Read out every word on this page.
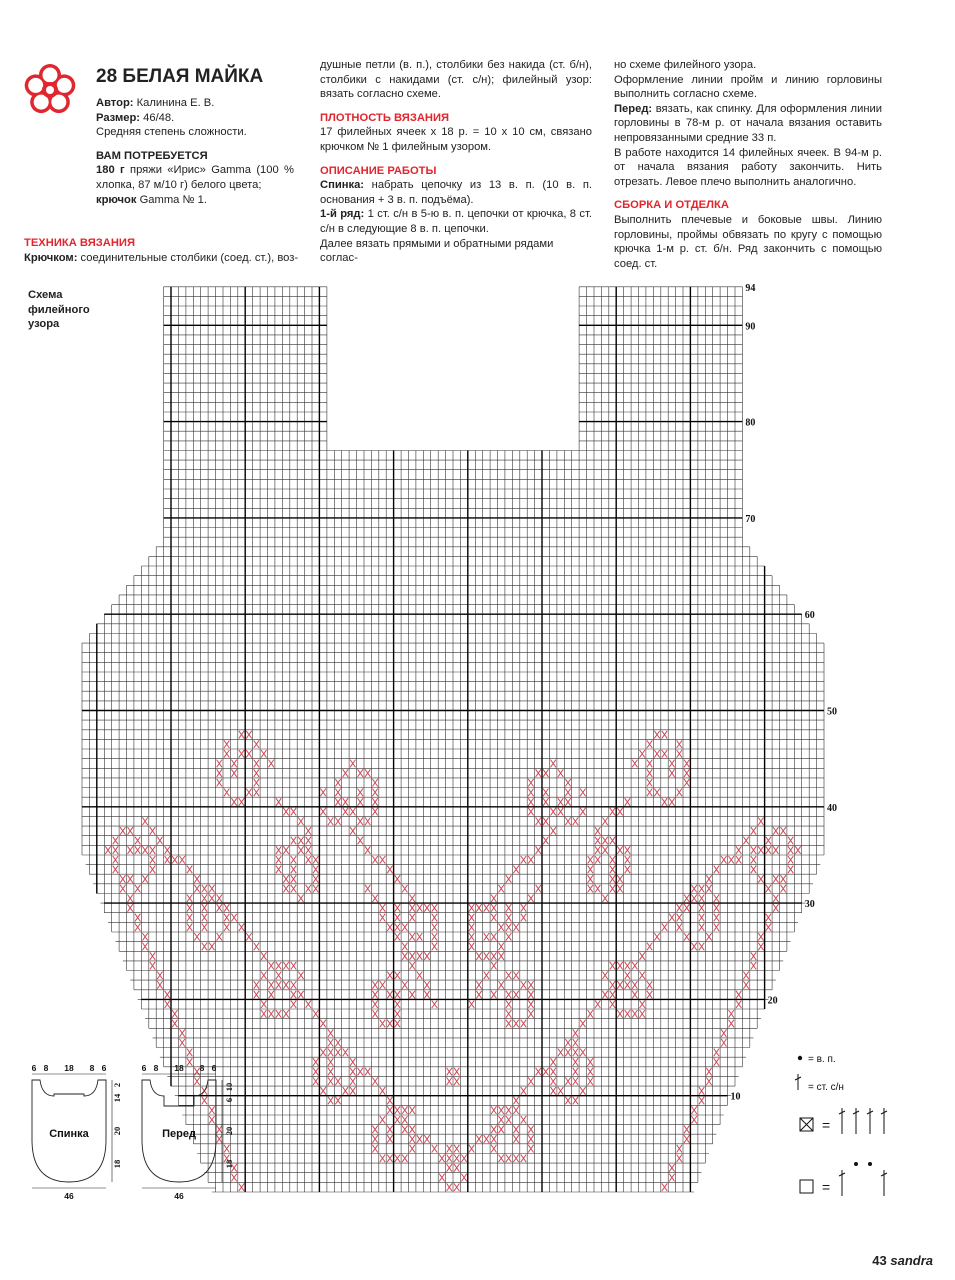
94
90
80
70
60
50
40
30
20
10
Спинка	Перед
6 8 18 8 6	6 8 18 8 6
2
14
20
18
10
6
20
18
46	46
= в. п.
= ст. с/н
=
=

28 БЕЛАЯ МАЙКА

Автор: Калинина Е. В.

Размер: 46/48.

Средняя степень сложности.

ВАМ ПОТРЕБУЕТСЯ

180 г пряжи «Ирис» Gamma (100 % хлопка, 87 м/10 г) белого цвета;

крючок Gamma № 1.

ТЕХНИКА ВЯЗАНИЯ

Крючком: соединительные столбики (соед. ст.), воз-

душные петли (в. п.), столбики без накида (ст. б/н), столбики с накидами (ст. с/н); филейный узор: вязать согласно схеме.

ПЛОТНОСТЬ ВЯЗАНИЯ

17 филейных ячеек х 18 р. = 10 х 10 см, связано крючком № 1 филейным узором.

ОПИСАНИЕ РАБОТЫ

Спинка: набрать цепочку из 13 в. п. (10 в. п. основания + 3 в. п. подъёма).

1-й ряд: 1 ст. с/н в 5-ю в. п. цепочки от крючка, 8 ст. с/н в следующие 8 в. п. цепочки.

Далее вязать прямыми и обратными рядами соглас-

но схеме филейного узора.

Оформление линии пройм и линию горловины выполнить согласно схеме.

Перед: вязать, как спинку. Для оформления линии горловины в 78-м р. от начала вязания оставить непровязанными средние 33 п.

В работе находится 14 филейных ячеек. В 94-м р. от начала вязания работу закончить. Нить отрезать. Левое плечо выполнить аналогично.

СБОРКА И ОТДЕЛКА

Выполнить плечевые и боковые швы. Линию горловины, проймы обвязать по кругу с помощью крючка 1-м р. ст. б/н. Ряд закончить с помощью соед. ст.

Схема филейного узора
43 sandra
